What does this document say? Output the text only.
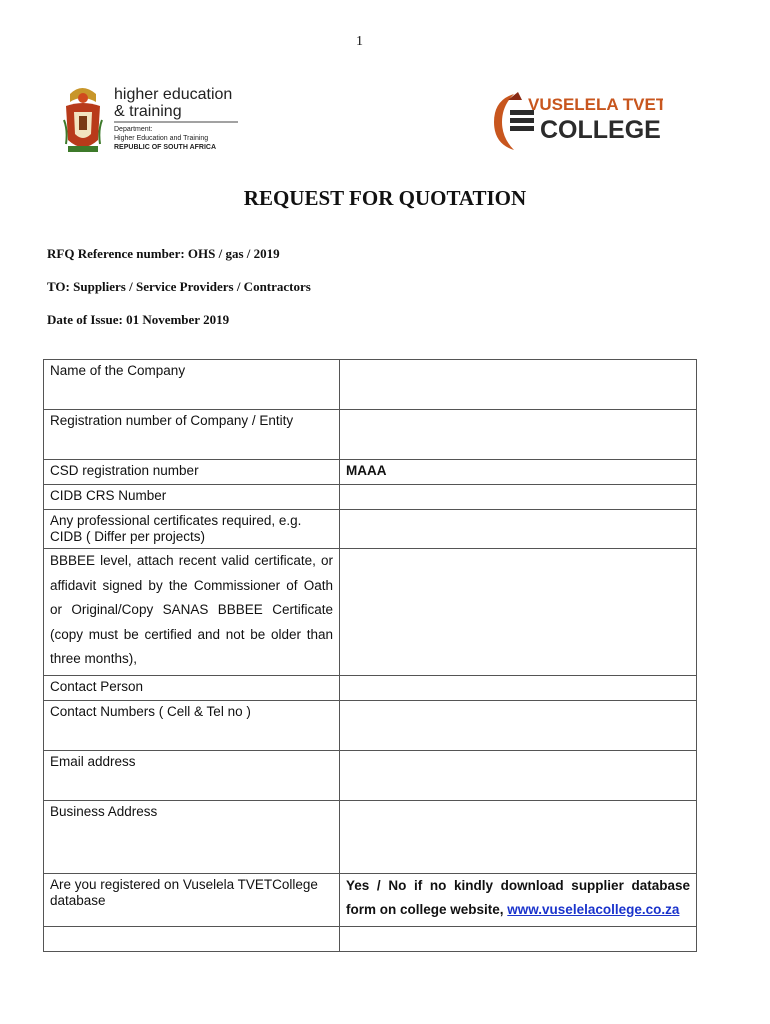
1
higher education
& training
Department:
Higher Education and Training
REPUBLIC OF SOUTH AFRICA
VUSELELA TVET
COLLEGE
REQUEST FOR QUOTATION
RFQ Reference number: OHS / gas / 2019
TO: Suppliers / Service Providers / Contractors
Date of Issue: 01 November 2019
Name of the Company	
Registration number of Company / Entity	
CSD registration number	MAAA
CIDB CRS Number	

Any professional certificates required, e.g.
CIDB ( Differ per projects)	

BBBEE level, attach recent valid certificate, or
affidavit signed by the Commissioner of Oath
or Original/Copy SANAS BBBEE Certificate
(copy must be certified and not be older than
three months),	

Contact Person	
Contact Numbers ( Cell & Tel no )	
Email address	
Business Address	
Are you registered on Vuselela TVETCollege database	Yes / No if no kindly download supplier database
form on college website, www.vuselelacollege.co.za
